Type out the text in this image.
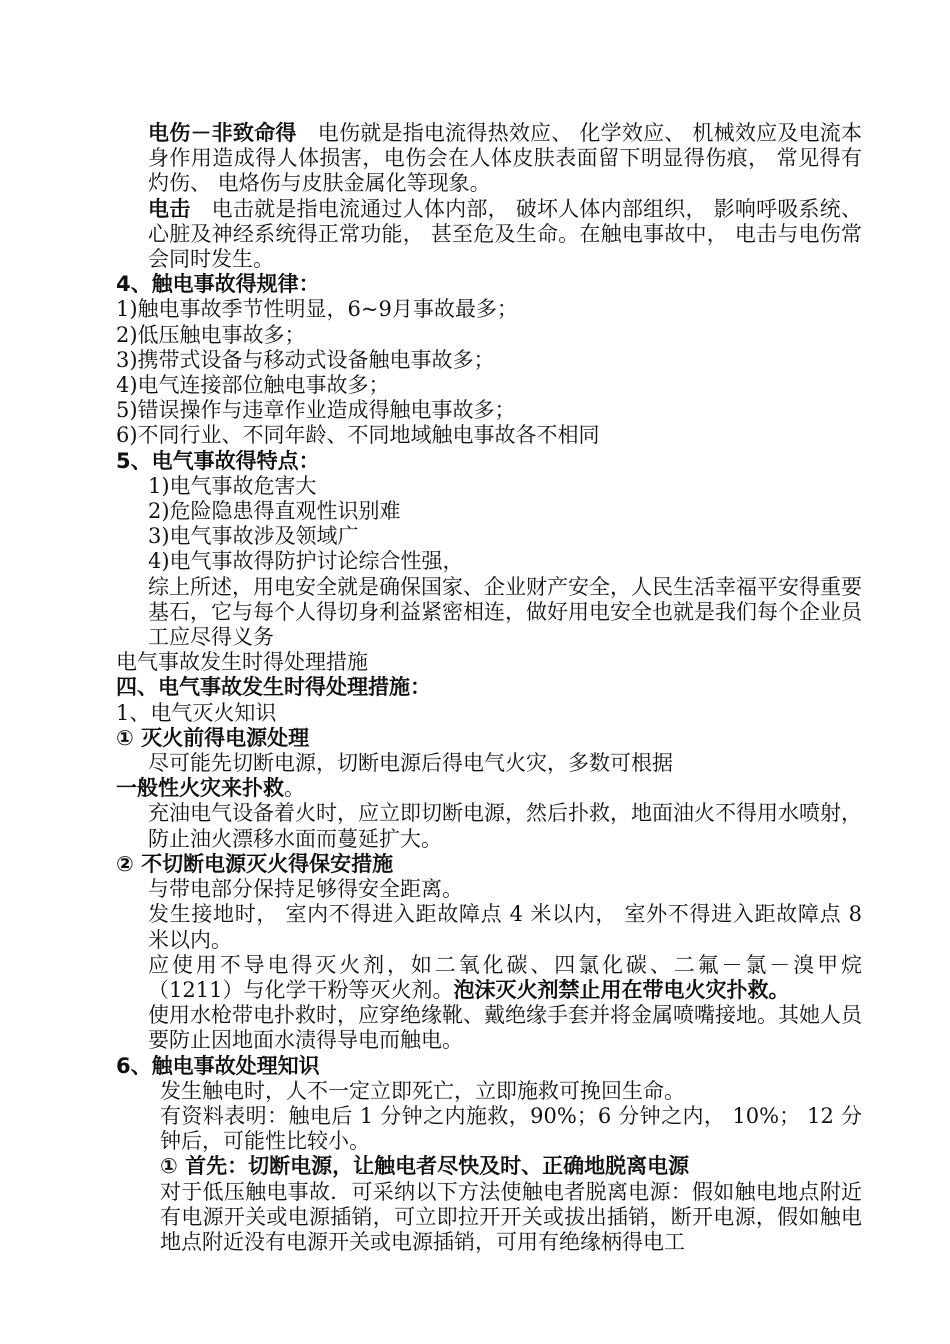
电伤－非致命得　电伤就是指电流得热效应、 化学效应、 机械效应及电流本身作用造成得人体损害，电伤会在人体皮肤表面留下明显得伤痕， 常见得有灼伤、 电烙伤与皮肤金属化等现象。

电击　电击就是指电流通过人体内部， 破坏人体内部组织， 影响呼吸系统、 心脏及神经系统得正常功能， 甚至危及生命。在触电事故中， 电击与电伤常会同时发生。

4、触电事故得规律：

1)触电事故季节性明显，6~9月事故最多；

2)低压触电事故多；

3)携带式设备与移动式设备触电事故多；

4)电气连接部位触电事故多；

5)错误操作与违章作业造成得触电事故多；

6)不同行业、不同年龄、不同地域触电事故各不相同

5、电气事故得特点：

1)电气事故危害大

2)危险隐患得直观性识别难

3)电气事故涉及领域广

4)电气事故得防护讨论综合性强，

综上所述，用电安全就是确保国家、企业财产安全，人民生活幸福平安得重要基石，它与每个人得切身利益紧密相连，做好用电安全也就是我们每个企业员工应尽得义务

电气事故发生时得处理措施

四、电气事故发生时得处理措施：

1、电气灭火知识

① 灭火前得电源处理

尽可能先切断电源，切断电源后得电气火灾，多数可根据

一般性火灾来扑救。

充油电气设备着火时，应立即切断电源，然后扑救，地面油火不得用水喷射，防止油火漂移水面而蔓延扩大。

② 不切断电源灭火得保安措施

与带电部分保持足够得安全距离。

发生接地时， 室内不得进入距故障点 4 米以内， 室外不得进入距故障点 8 米以内。

应使用不导电得灭火剂，如二氧化碳、四氯化碳、二氟－氯－溴甲烷（1211）与化学干粉等灭火剂。泡沫灭火剂禁止用在带电火灾扑救。

使用水枪带电扑救时，应穿绝缘靴、戴绝缘手套并将金属喷嘴接地。其她人员要防止因地面水渍得导电而触电。

6、触电事故处理知识

发生触电时，人不一定立即死亡，立即施救可挽回生命。

有资料表明：触电后 1 分钟之内施救，90%；6 分钟之内， 10%； 12 分钟后，可能性比较小。

① 首先：切断电源，让触电者尽快及时、正确地脱离电源

对于低压触电事故．可采纳以下方法使触电者脱离电源：假如触电地点附近有电源开关或电源插销，可立即拉开开关或拔出插销，断开电源，假如触电地点附近没有电源开关或电源插销，可用有绝缘柄得电工
